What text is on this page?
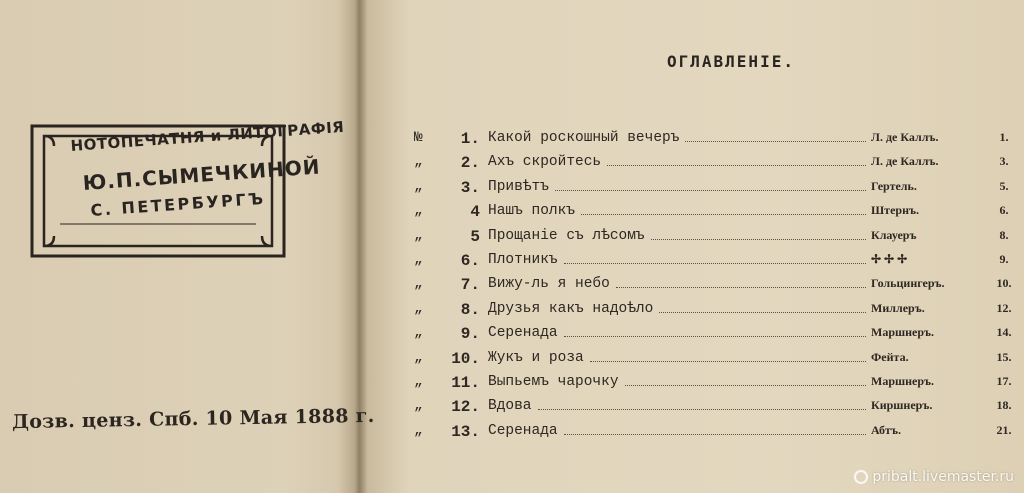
НОТОПЕЧАТНЯ и ЛИТОГРАФІЯ
Ю.П.СЫМЕЧКИНОЙ
С. ПЕТЕРБУРГЪ
Дозв. ценз. Спб. 10 Мая 1888 г.
ОГЛАВЛЕНІЕ.
№	1. Какой роскошный вечеръ	Л. де Каллъ.	1.
„	2. Ахъ скройтесь	Л. де Каллъ.	3.
„	3. Привѣтъ	Гертель.	5.
„	4 Нашъ полкъ	Штернъ.	6.
„	5 Прощаніе съ лѣсомъ	Клауеръ	8.
„	6. Плотникъ	✢ ✢ ✢	9.
„	7. Вижу-ль я небо	Гольцингеръ.	10.
„	8. Друзья какъ надоѣло	Миллеръ.	12.
„	9. Серенада	Маршнеръ.	14.
„	10. Жукъ и роза	Фейта.	15.
„	11. Выпьемъ чарочку	Маршнеръ.	17.
„	12. Вдова	Киршнеръ.	18.
„	13. Серенада	Абтъ.	21.
pribalt.livemaster.ru
